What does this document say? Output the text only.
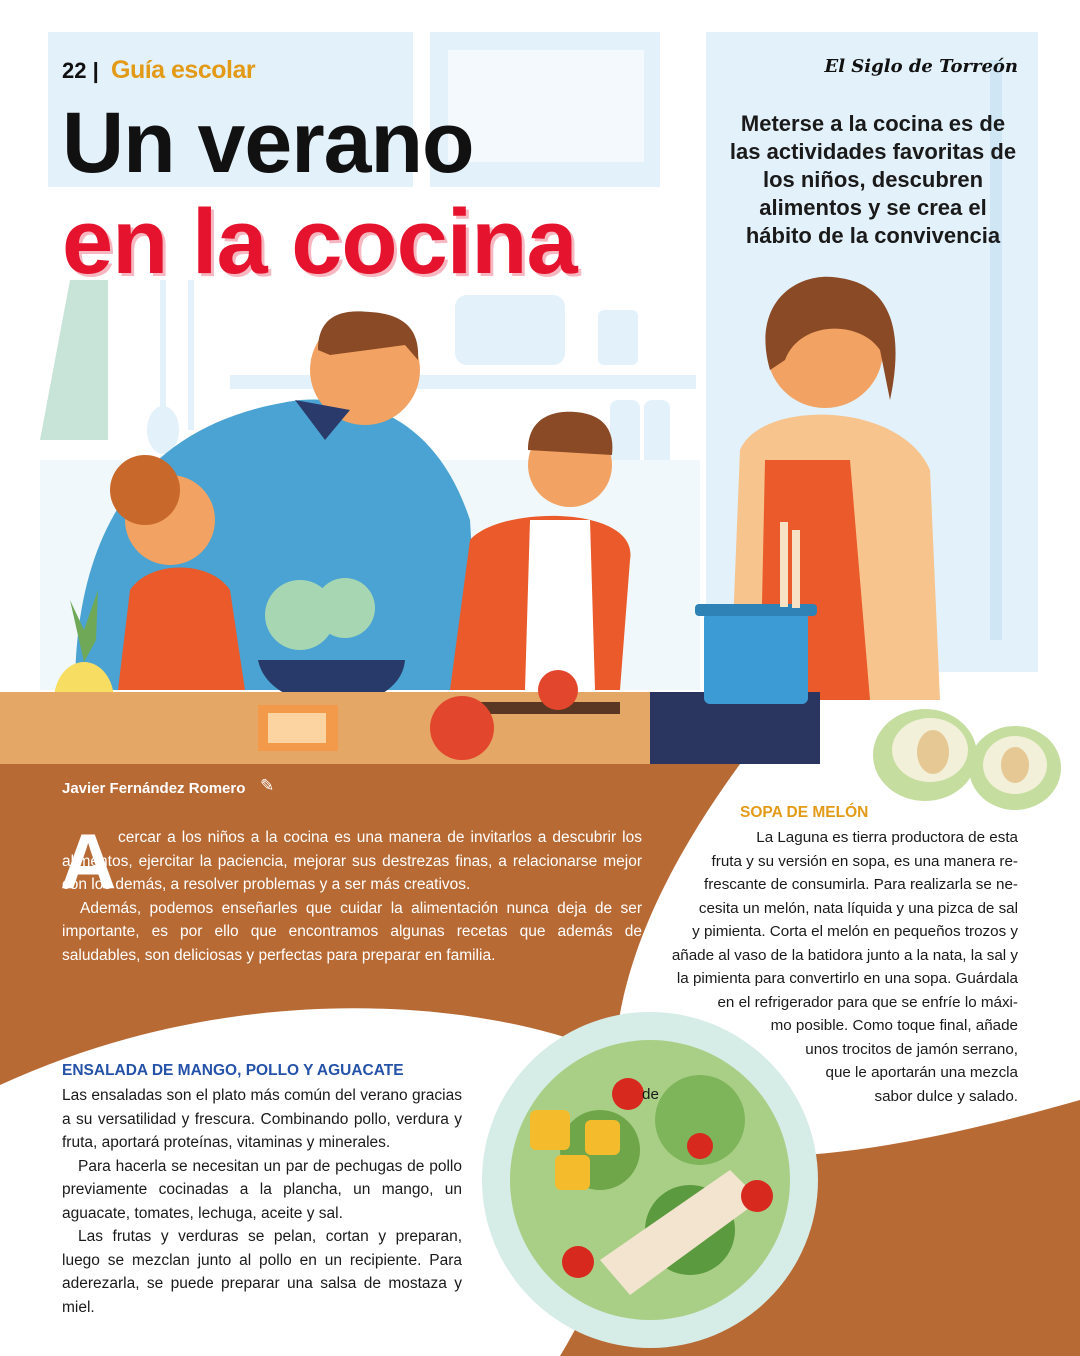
22 | Guía escolar	El Siglo de Torreón
Un verano
en la cocina
Meterse a la cocina es de las actividades favoritas de los niños, descubren alimentos y se crea el hábito de la convivencia
Javier Fernández Romero ✎
A cercar a los niños a la cocina es una manera de invitarlos a descubrir los alimentos, ejercitar la paciencia, mejorar sus destrezas finas, a relacionarse mejor con los demás, a resolver problemas y a ser más creativos.

Además, podemos enseñarles que cuidar la alimentación nunca deja de ser importante, es por ello que encontramos algunas recetas que además de saludables, son deliciosas y perfectas para preparar en familia.

SOPA DE MELÓN
La Laguna es tierra productora de esta
fruta y su versión en sopa, es una manera re-
frescante de consumirla. Para realizarla se ne-
cesita un melón, nata líquida y una pizca de sal
y pimienta. Corta el melón en pequeños trozos y
añade al vaso de la batidora junto a la nata, la sal y
la pimienta para convertirlo en una sopa. Guárdala
en el refrigerador para que se enfríe lo máxi-
mo posible. Como toque final, añade
unos trocitos de jamón serrano,
que le aportarán una mezcla
sabor dulce y salado.
de
ENSALADA DE MANGO, POLLO Y AGUACATE

Las ensaladas son el plato más común del verano gracias a su versatilidad y frescura. Combinando pollo, verdura y fruta, aportará proteínas, vitaminas y minerales.

Para hacerla se necesitan un par de pechugas de pollo previamente cocinadas a la plancha, un mango, un aguacate, tomates, lechuga, aceite y sal.

Las frutas y verduras se pelan, cortan y preparan, luego se mezclan junto al pollo en un recipiente. Para aderezarla, se puede preparar una salsa de mostaza y miel.
